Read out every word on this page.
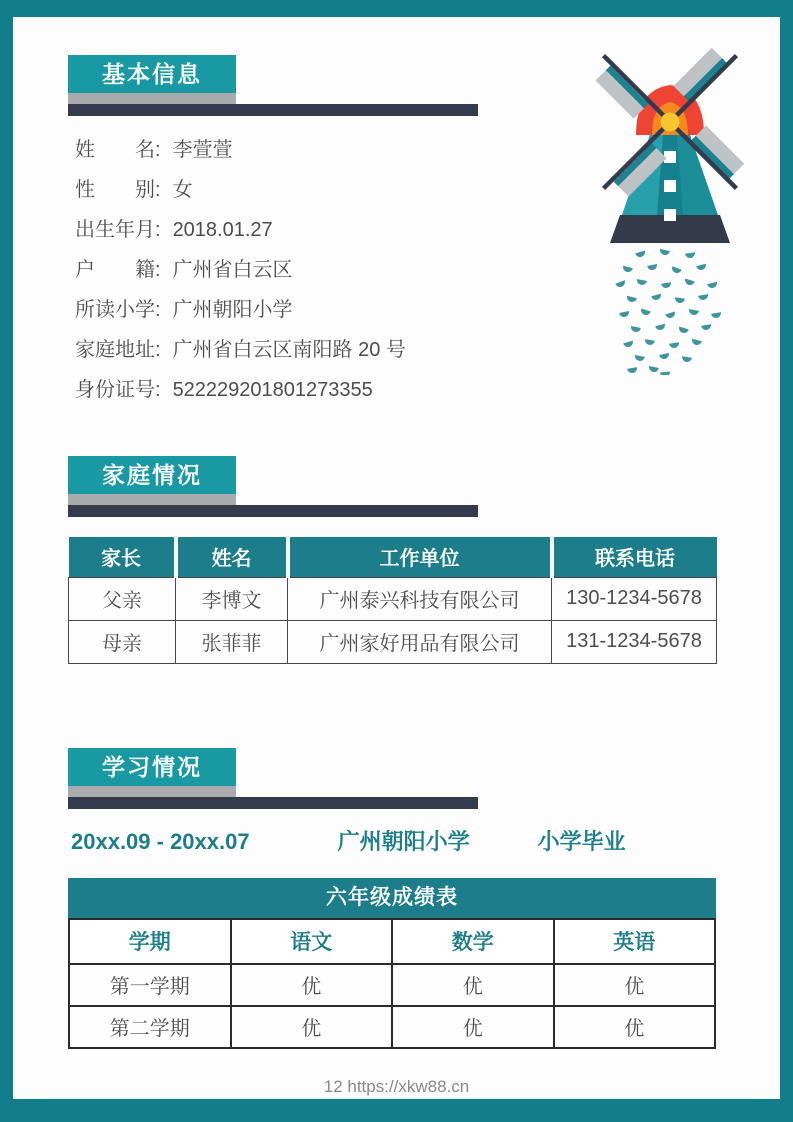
基本信息
姓　　名: 李萱萱
性　　别: 女
出生年月: 2018.01.27
户　　籍: 广州省白云区
所读小学: 广州朝阳小学
家庭地址: 广州省白云区南阳路 20 号
身份证号: 522229201801273355
家庭情况
家长	姓名	工作单位	联系电话
父亲	李博文	广州泰兴科技有限公司	130-1234-5678
母亲	张菲菲	广州家好用品有限公司	131-1234-5678
学习情况
20xx.09 - 20xx.07	广州朝阳小学	小学毕业
六年级成绩表
学期	语文	数学	英语
第一学期	优	优	优
第二学期	优	优	优
12 https://xkw88.cn
